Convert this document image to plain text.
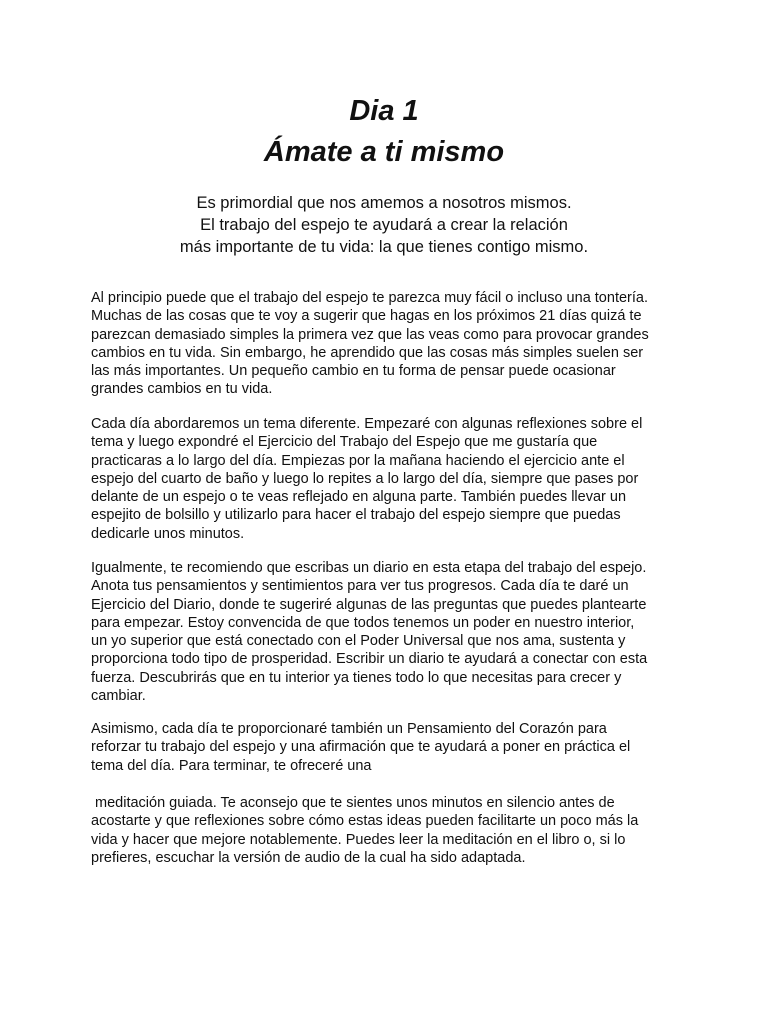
Dia 1
Ámate a ti mismo

Es primordial que nos amemos a nosotros mismos.
El trabajo del espejo te ayudará a crear la relación
más importante de tu vida: la que tienes contigo mismo.

Al principio puede que el trabajo del espejo te parezca muy fácil o incluso una tontería.
Muchas de las cosas que te voy a sugerir que hagas en los próximos 21 días quizá te
parezcan demasiado simples la primera vez que las veas como para provocar grandes
cambios en tu vida. Sin embargo, he aprendido que las cosas más simples suelen ser
las más importantes. Un pequeño cambio en tu forma de pensar puede ocasionar
grandes cambios en tu vida.

Cada día abordaremos un tema diferente. Empezaré con algunas reflexiones sobre el
tema y luego expondré el Ejercicio del Trabajo del Espejo que me gustaría que
practicaras a lo largo del día. Empiezas por la mañana haciendo el ejercicio ante el
espejo del cuarto de baño y luego lo repites a lo largo del día, siempre que pases por
delante de un espejo o te veas reflejado en alguna parte. También puedes llevar un
espejito de bolsillo y utilizarlo para hacer el trabajo del espejo siempre que puedas
dedicarle unos minutos.

Igualmente, te recomiendo que escribas un diario en esta etapa del trabajo del espejo.
Anota tus pensamientos y sentimientos para ver tus progresos. Cada día te daré un
Ejercicio del Diario, donde te sugeriré algunas de las preguntas que puedes plantearte
para empezar. Estoy convencida de que todos tenemos un poder en nuestro interior,
un yo superior que está conectado con el Poder Universal que nos ama, sustenta y
proporciona todo tipo de prosperidad. Escribir un diario te ayudará a conectar con esta
fuerza. Descubrirás que en tu interior ya tienes todo lo que necesitas para crecer y
cambiar.

Asimismo, cada día te proporcionaré también un Pensamiento del Corazón para
reforzar tu trabajo del espejo y una afirmación que te ayudará a poner en práctica el
tema del día. Para terminar, te ofreceré una

meditación guiada. Te aconsejo que te sientes unos minutos en silencio antes de
acostarte y que reflexiones sobre cómo estas ideas pueden facilitarte un poco más la
vida y hacer que mejore notablemente. Puedes leer la meditación en el libro o, si lo
prefieres, escuchar la versión de audio de la cual ha sido adaptada.
